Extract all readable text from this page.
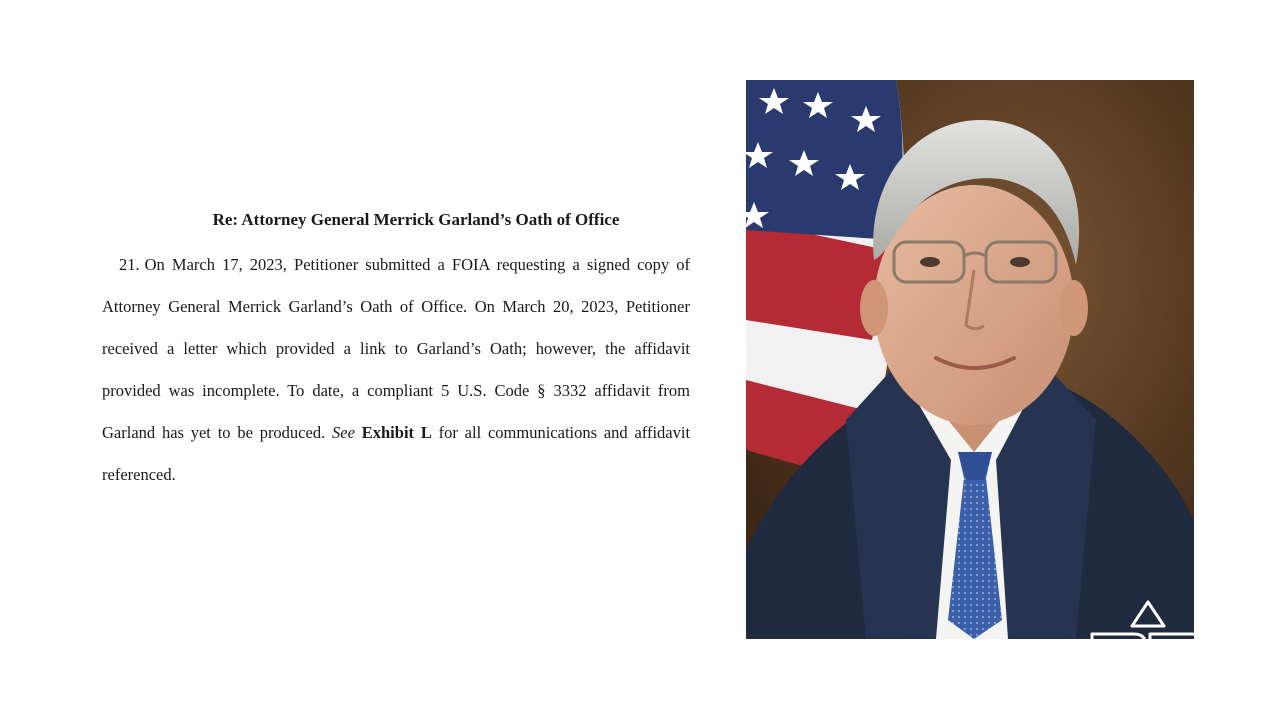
Re: Attorney General Merrick Garland’s Oath of Office

21. On March 17, 2023, Petitioner submitted a FOIA requesting a signed copy of Attorney General Merrick Garland’s Oath of Office. On March 20, 2023, Petitioner received a letter which provided a link to Garland’s Oath; however, the affidavit provided was incomplete. To date, a compliant 5 U.S. Code § 3332 affidavit from Garland has yet to be produced. See Exhibit L for all communications and affidavit referenced.
